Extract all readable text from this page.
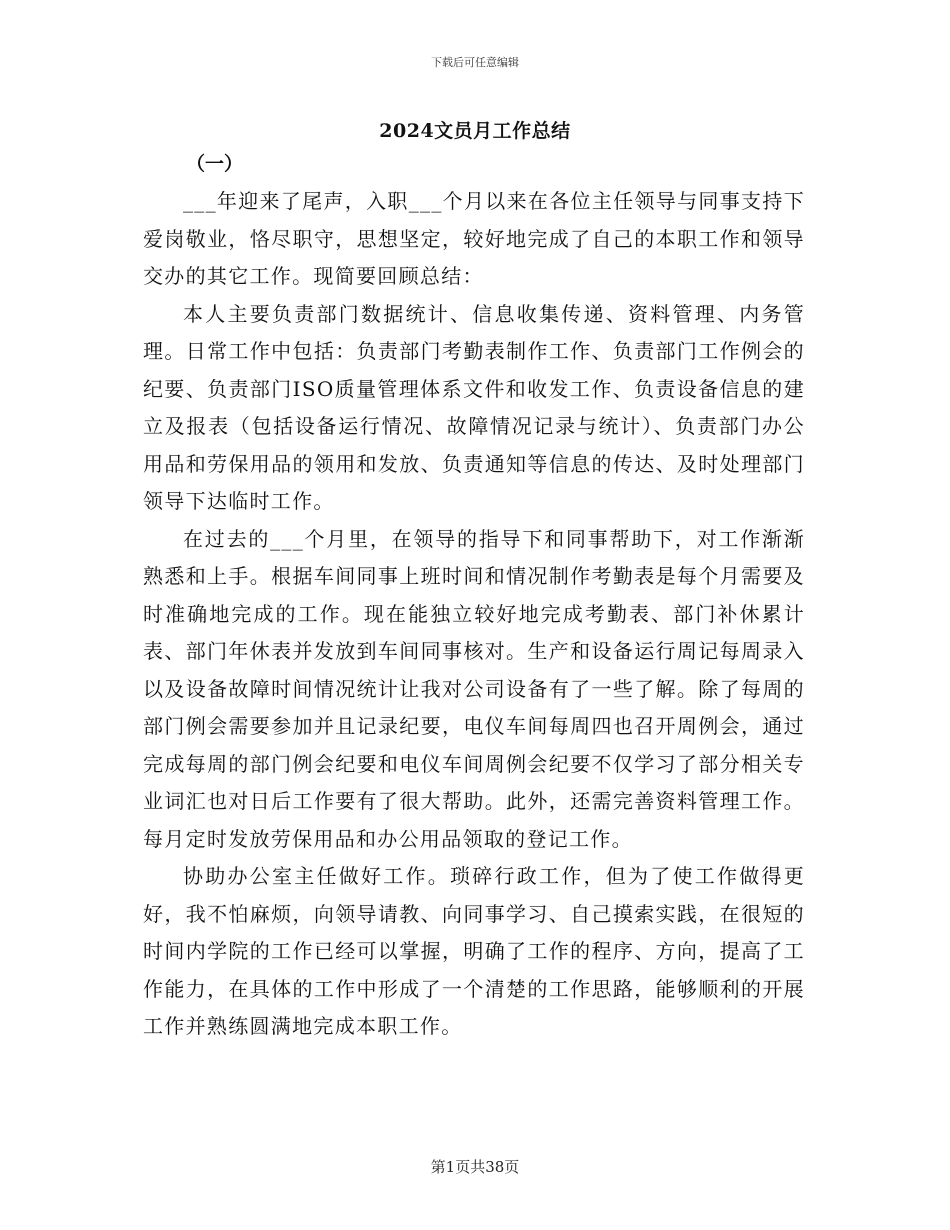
下载后可任意编辑
2024文员月工作总结
（一）

___年迎来了尾声，入职___个月以来在各位主任领导与同事支持下爱岗敬业，恪尽职守，思想坚定，较好地完成了自己的本职工作和领导交办的其它工作。现简要回顾总结：

本人主要负责部门数据统计、信息收集传递、资料管理、内务管理。日常工作中包括：负责部门考勤表制作工作、负责部门工作例会的纪要、负责部门ISO质量管理体系文件和收发工作、负责设备信息的建立及报表（包括设备运行情况、故障情况记录与统计）、负责部门办公用品和劳保用品的领用和发放、负责通知等信息的传达、及时处理部门领导下达临时工作。

在过去的___个月里，在领导的指导下和同事帮助下，对工作渐渐熟悉和上手。根据车间同事上班时间和情况制作考勤表是每个月需要及时准确地完成的工作。现在能独立较好地完成考勤表、部门补休累计表、部门年休表并发放到车间同事核对。生产和设备运行周记每周录入以及设备故障时间情况统计让我对公司设备有了一些了解。除了每周的部门例会需要参加并且记录纪要，电仪车间每周四也召开周例会，通过完成每周的部门例会纪要和电仪车间周例会纪要不仅学习了部分相关专业词汇也对日后工作要有了很大帮助。此外，还需完善资料管理工作。每月定时发放劳保用品和办公用品领取的登记工作。

协助办公室主任做好工作。琐碎行政工作，但为了使工作做得更好，我不怕麻烦，向领导请教、向同事学习、自己摸索实践，在很短的时间内学院的工作已经可以掌握，明确了工作的程序、方向，提高了工作能力，在具体的工作中形成了一个清楚的工作思路，能够顺利的开展工作并熟练圆满地完成本职工作。

第1页共38页
